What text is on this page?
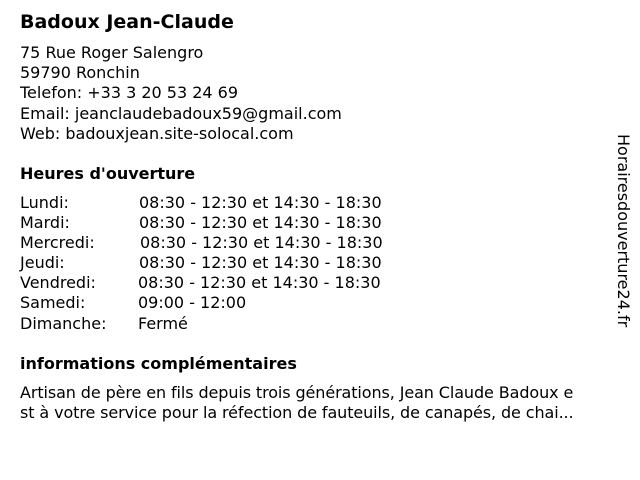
Badoux Jean-Claude
75 Rue Roger Salengro
59790 Ronchin
Telefon: +33 3 20 53 24 69
Email: jeanclaudebadoux59@gmail.com
Web: badouxjean.site-solocal.com
Heures d'ouverture
Lundi:	08:30 - 12:30 et 14:30 - 18:30
Mardi:	08:30 - 12:30 et 14:30 - 18:30
Mercredi:	08:30 - 12:30 et 14:30 - 18:30
Jeudi:	08:30 - 12:30 et 14:30 - 18:30
Vendredi:	08:30 - 12:30 et 14:30 - 18:30
Samedi:	09:00 - 12:00
Dimanche: Fermé
informations complémentaires
Artisan de père en fils depuis trois générations, Jean Claude Badoux e
st à votre service pour la réfection de fauteuils, de canapés, de chai...
Horairesdouverture24.fr
